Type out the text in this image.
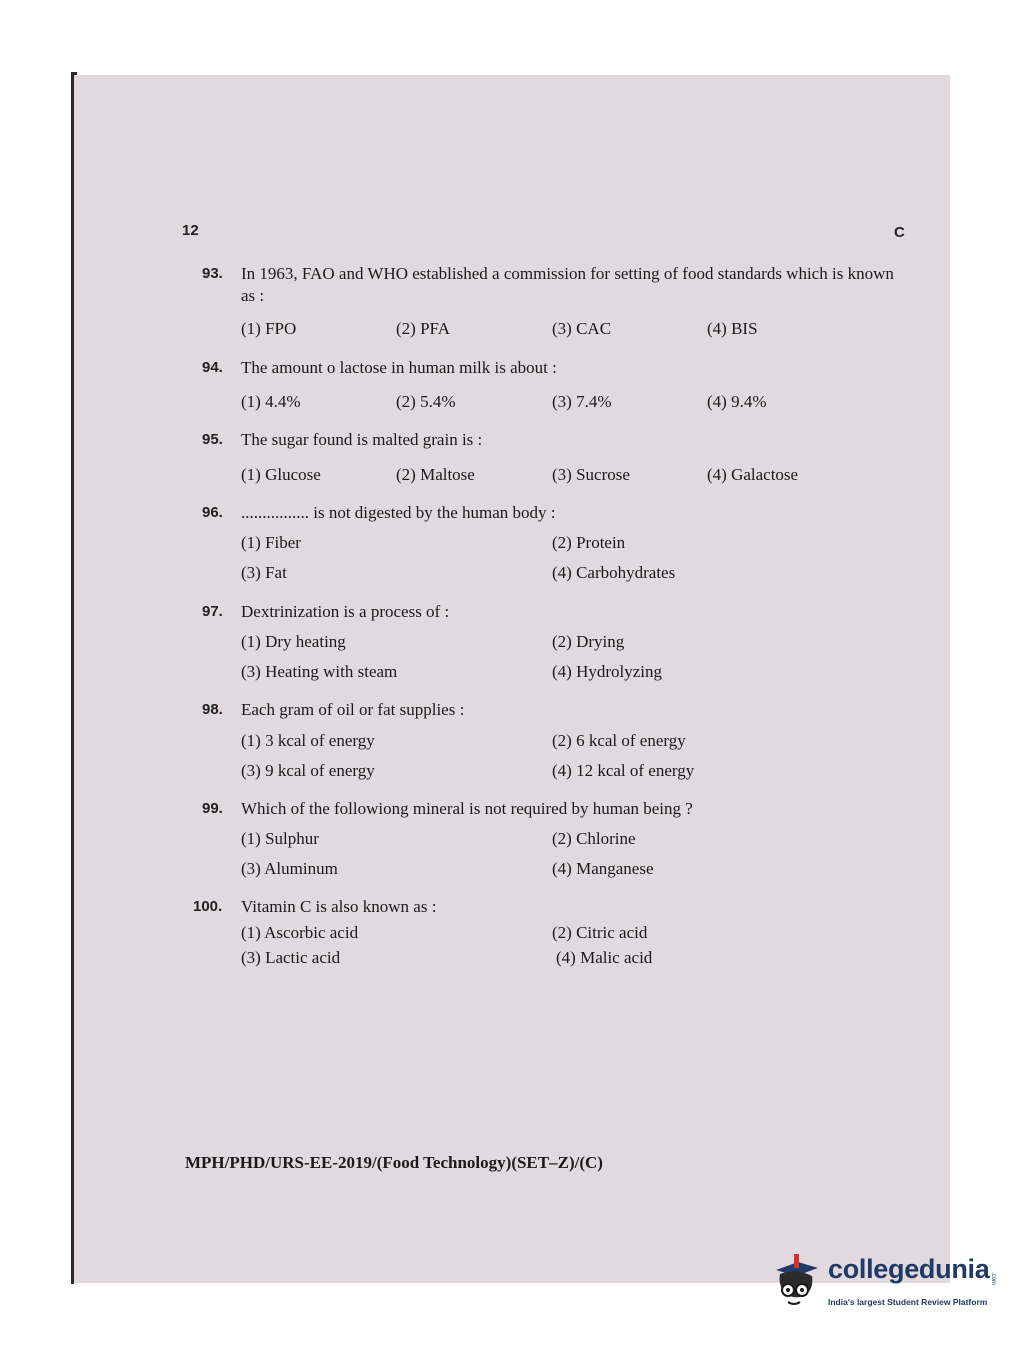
12	C
93. In 1963, FAO and WHO established a commission for setting of food standards which is known as :
(1) FPO	(2) PFA	(3) CAC	(4) BIS
94. The amount o lactose in human milk is about :
(1) 4.4%	(2) 5.4%	(3) 7.4%	(4) 9.4%
95. The sugar found is malted grain is :
(1) Glucose	(2) Maltose	(3) Sucrose	(4) Galactose
96. ................ is not digested by the human body :
(1) Fiber	(2) Protein
(3) Fat	(4) Carbohydrates
97. Dextrinization is a process of :
(1) Dry heating	(2) Drying
(3) Heating with steam	(4) Hydrolyzing
98. Each gram of oil or fat supplies :
(1) 3 kcal of energy	(2) 6 kcal of energy
(3) 9 kcal of energy	(4) 12 kcal of energy
99. Which of the followiong mineral is not required by human being ?
(1) Sulphur	(2) Chlorine
(3) Aluminum	(4) Manganese
100. Vitamin C is also known as :
(1) Ascorbic acid	(2) Citric acid
(3) Lactic acid	(4) Malic acid
MPH/PHD/URS-EE-2019/(Food Technology)(SET–Z)/(C)
collegedunia .com
India's largest Student Review Platform
